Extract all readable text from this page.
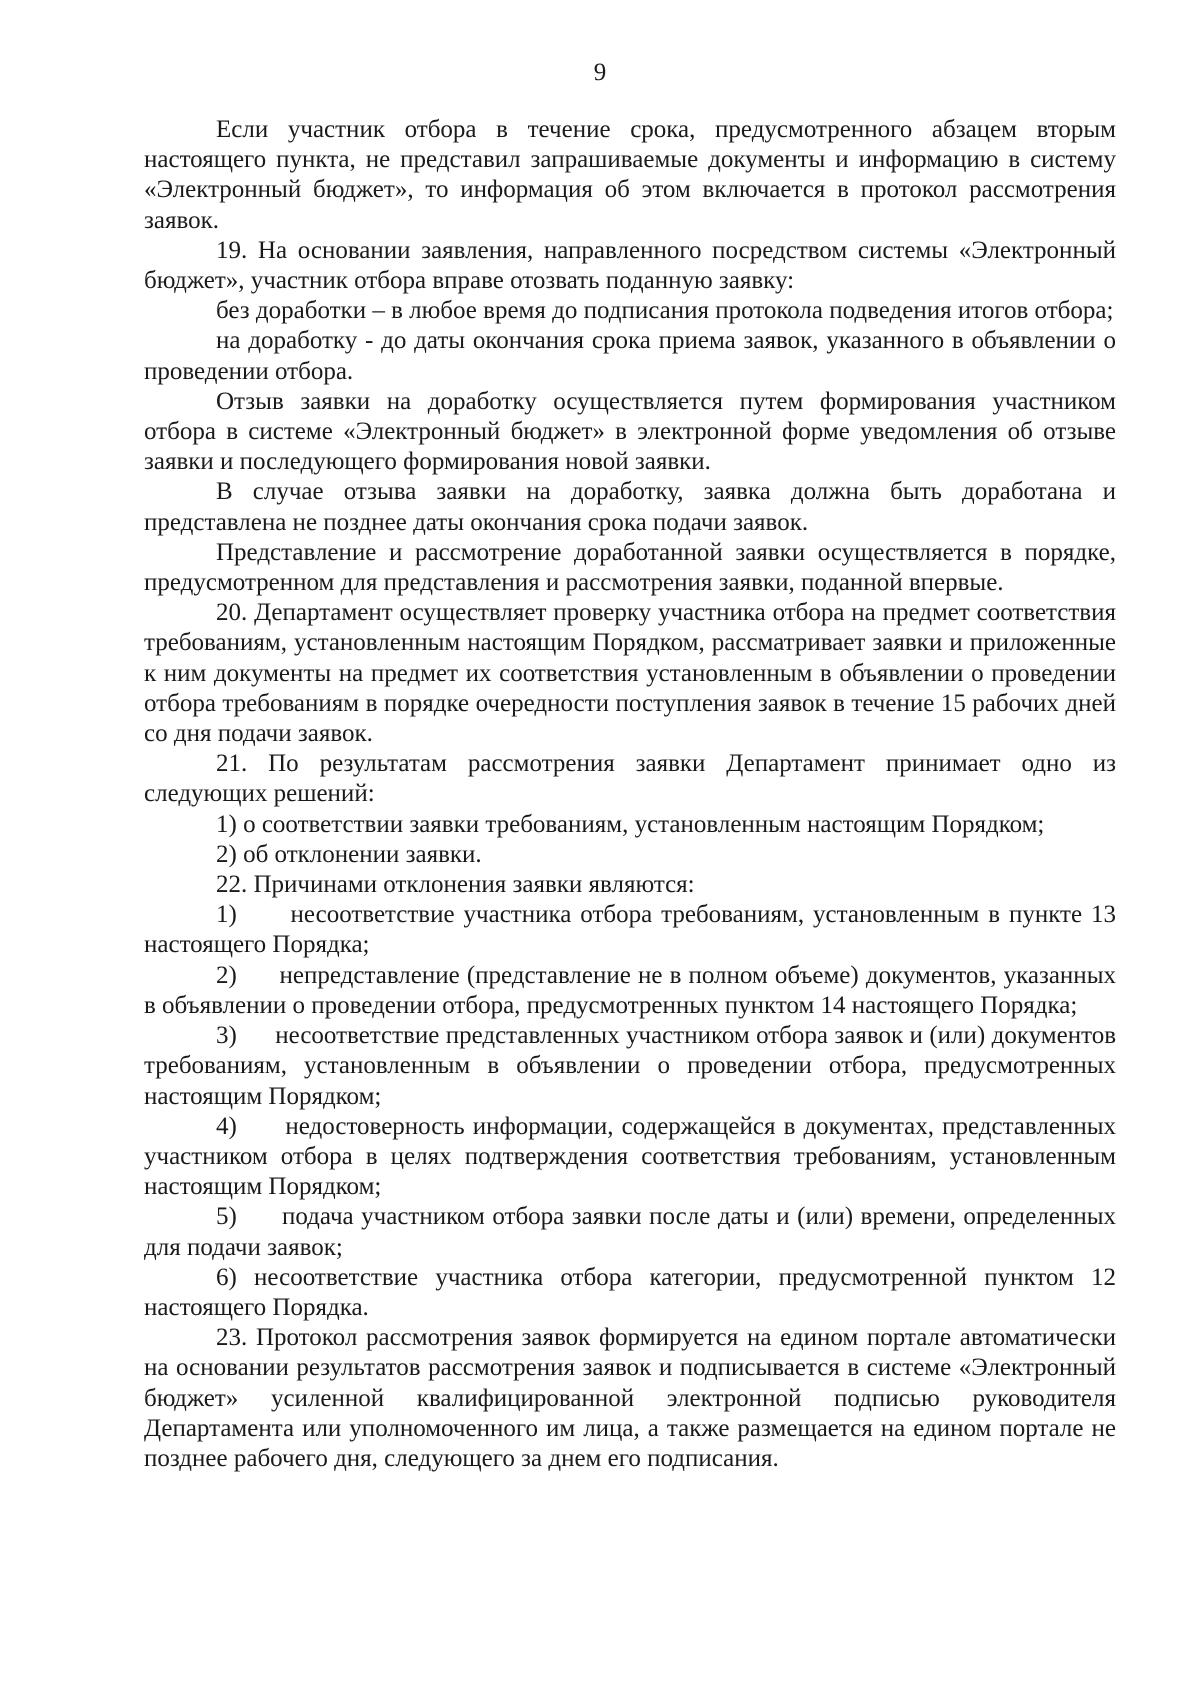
9

Если участник отбора в течение срока, предусмотренного абзацем вторым настоящего пункта, не представил запрашиваемые документы и информацию в систему «Электронный бюджет», то информация об этом включается в протокол рассмотрения заявок.

19. На основании заявления, направленного посредством системы «Электронный бюджет», участник отбора вправе отозвать поданную заявку:

без доработки – в любое время до подписания протокола подведения итогов отбора;

на доработку - до даты окончания срока приема заявок, указанного в объявлении о проведении отбора.

Отзыв заявки на доработку осуществляется путем формирования участником отбора в системе «Электронный бюджет» в электронной форме уведомления об отзыве заявки и последующего формирования новой заявки.

В случае отзыва заявки на доработку, заявка должна быть доработана и представлена не позднее даты окончания срока подачи заявок.

Представление и рассмотрение доработанной заявки осуществляется в порядке, предусмотренном для представления и рассмотрения заявки, поданной впервые.

20. Департамент осуществляет проверку участника отбора на предмет соответствия требованиям, установленным настоящим Порядком, рассматривает заявки и приложенные к ним документы на предмет их соответствия установленным в объявлении о проведении отбора требованиям в порядке очередности поступления заявок в течение 15 рабочих дней со дня подачи заявок.

21. По результатам рассмотрения заявки Департамент принимает одно из следующих решений:

1) о соответствии заявки требованиям, установленным настоящим Порядком;

2) об отклонении заявки.

22. Причинами отклонения заявки являются:

1)      несоответствие участника отбора требованиям, установленным в пункте 13 настоящего Порядка;

2)      непредставление (представление не в полном объеме) документов, указанных в объявлении о проведении отбора, предусмотренных пунктом 14 настоящего Порядка;

3)      несоответствие представленных участником отбора заявок и (или) документов требованиям, установленным в объявлении о проведении отбора, предусмотренных настоящим Порядком;

4)      недостоверность информации, содержащейся в документах, представленных участником отбора в целях подтверждения соответствия требованиям, установленным настоящим Порядком;

5)      подача участником отбора заявки после даты и (или) времени, определенных для подачи заявок;

6) несоответствие участника отбора категории, предусмотренной пунктом 12 настоящего Порядка.

23. Протокол рассмотрения заявок формируется на едином портале автоматически на основании результатов рассмотрения заявок и подписывается в системе «Электронный бюджет» усиленной квалифицированной электронной подписью руководителя Департамента или уполномоченного им лица, а также размещается на едином портале не позднее рабочего дня, следующего за днем его подписания.
